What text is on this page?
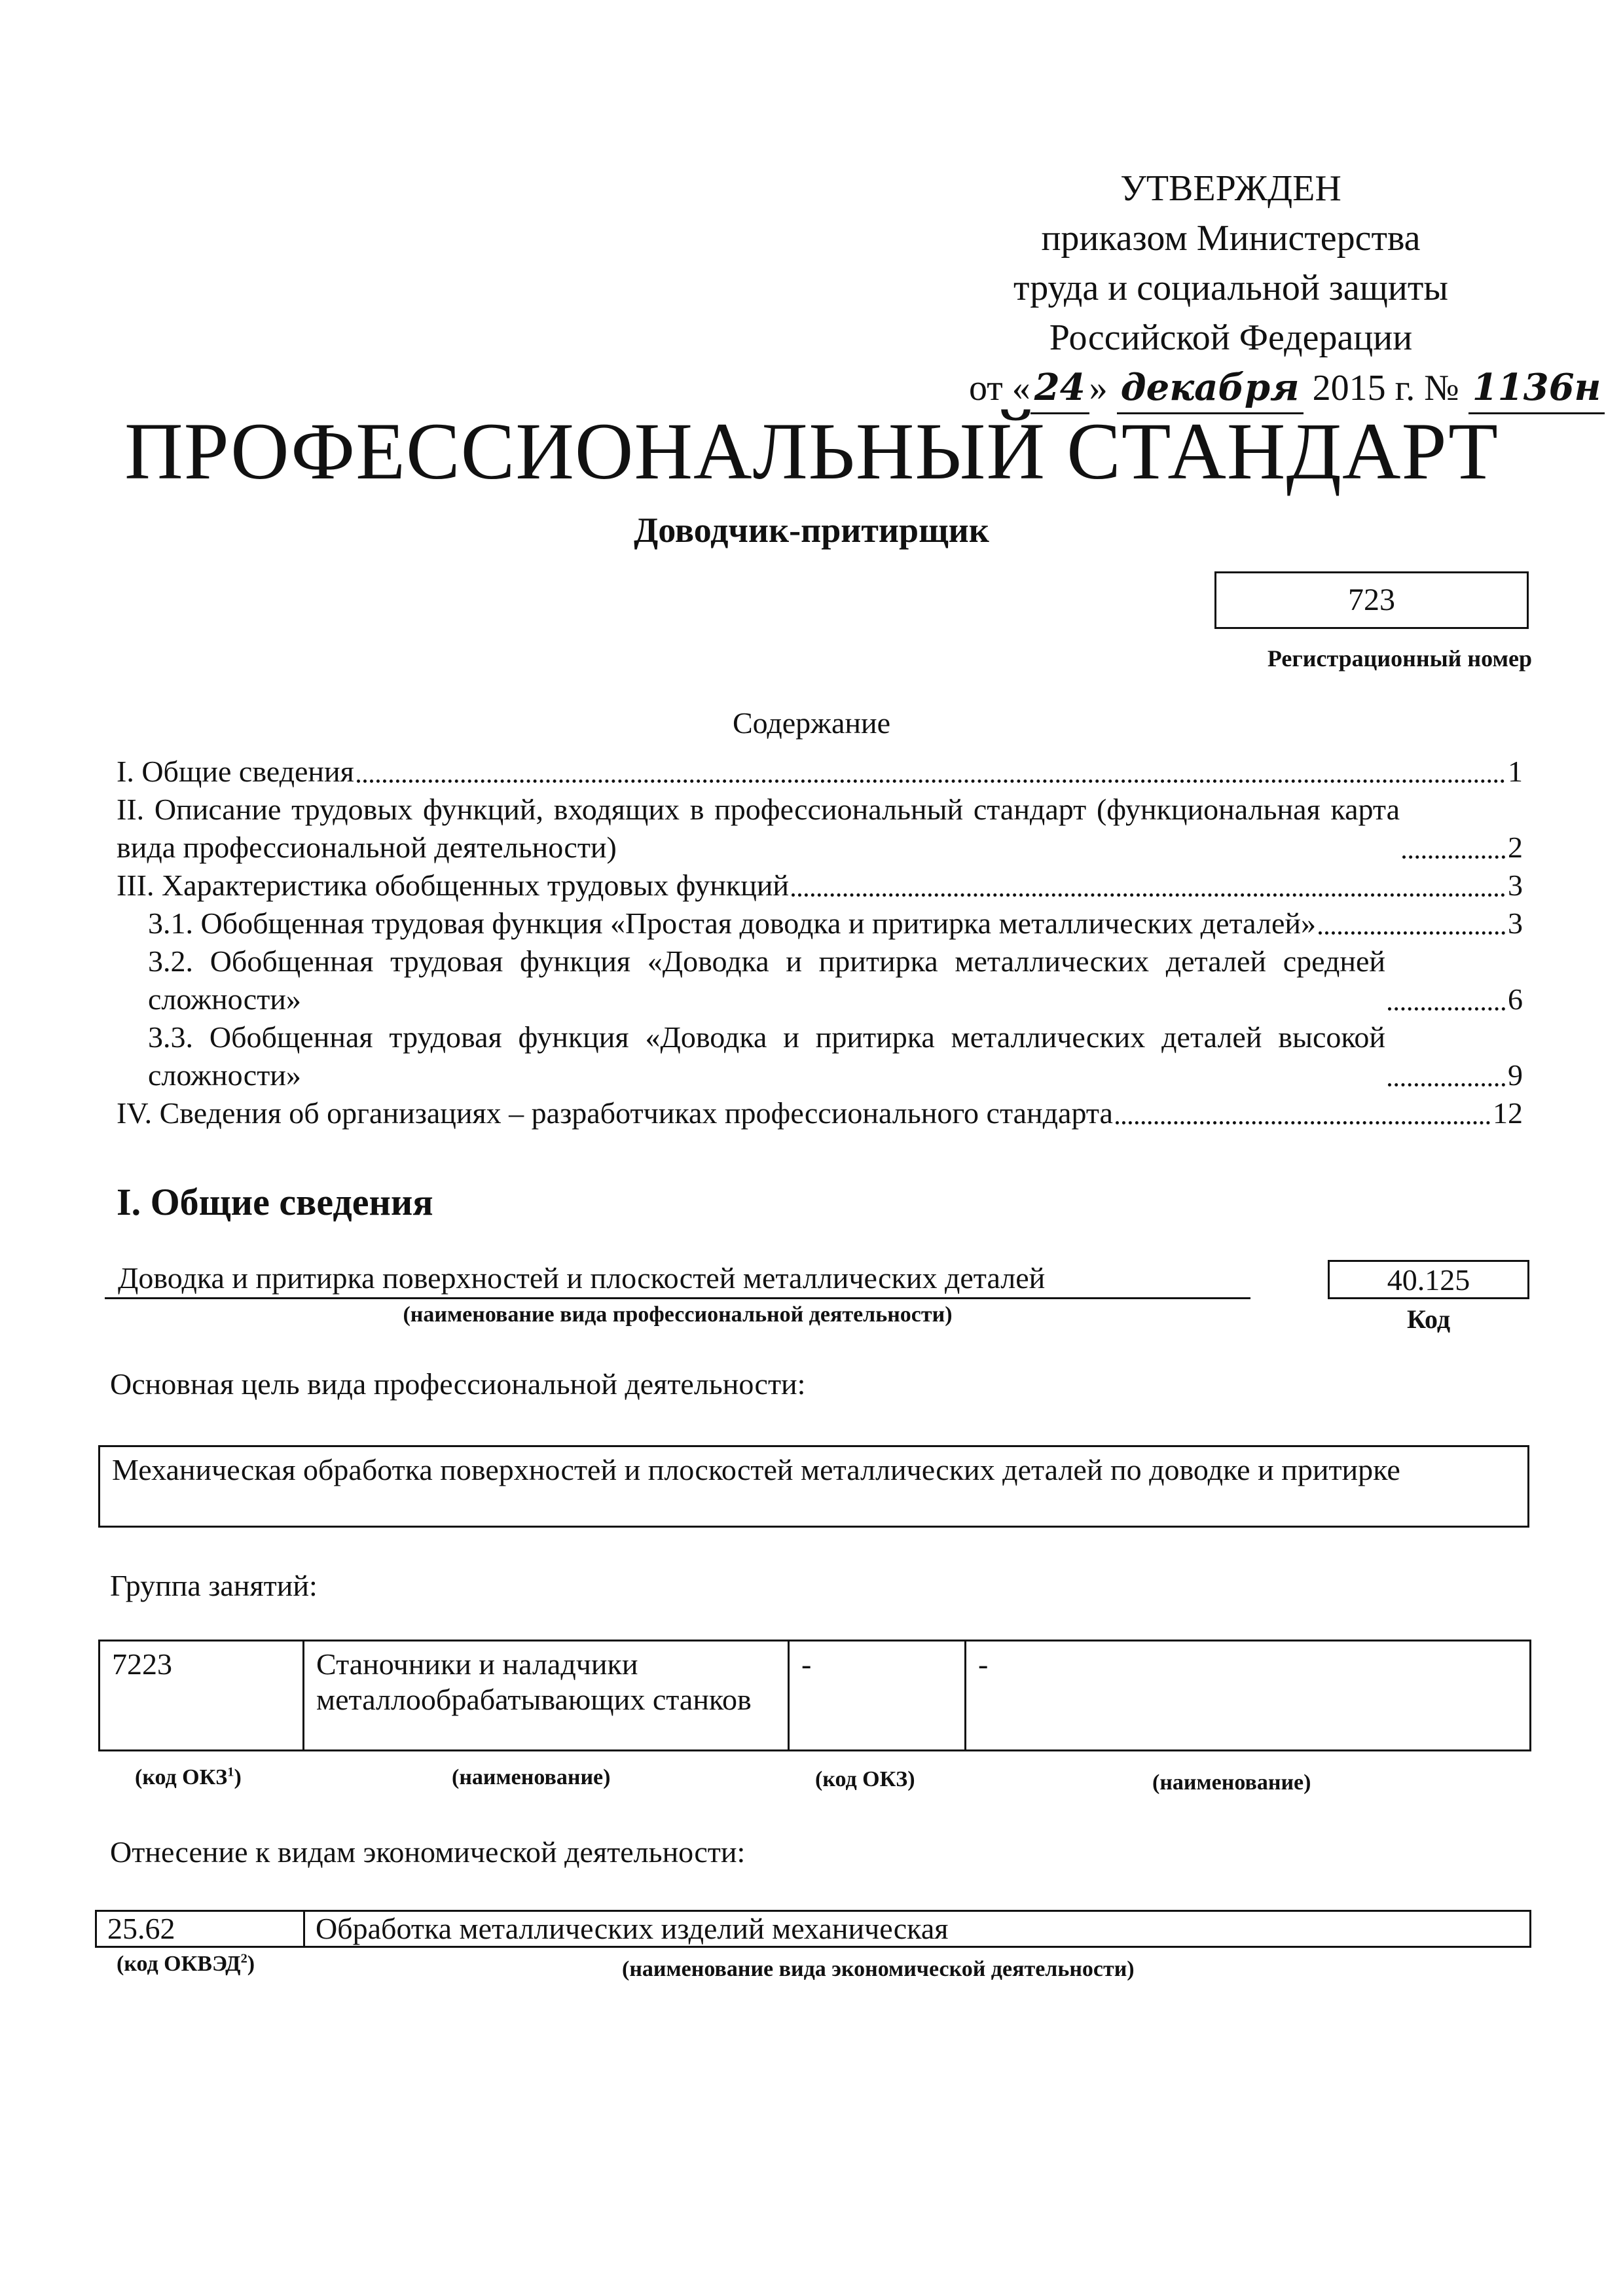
УТВЕРЖДЕН
приказом Министерства
труда и социальной защиты
Российской Федерации
от « 24 » декабря 2015 г. № 1136н
ПРОФЕССИОНАЛЬНЫЙ СТАНДАРТ
Доводчик-притирщик
723
Регистрационный номер
Содержание
I. Общие сведения	1
II. Описание трудовых функций, входящих в профессиональный стандарт (функциональная карта вида профессиональной деятельности)	2
III. Характеристика обобщенных трудовых функций	3
3.1. Обобщенная трудовая функция «Простая доводка и притирка металлических деталей»	3
3.2. Обобщенная трудовая функция «Доводка и притирка металлических деталей средней сложности»	6
3.3. Обобщенная трудовая функция «Доводка и притирка металлических деталей высокой сложности»	9
IV. Сведения об организациях – разработчиках профессионального стандарта	12
I. Общие сведения
Доводка и притирка поверхностей и плоскостей металлических деталей
(наименование вида профессиональной деятельности)
40.125
Код
Основная цель вида профессиональной деятельности:
Механическая обработка поверхностей и плоскостей металлических деталей по доводке и притирке
Группа занятий:
7223	Станочники и наладчики металлообрабатывающих станков	-	-
(код ОКЗ$^1$)	(наименование)	(код ОКЗ)	(наименование)
Отнесение к видам экономической деятельности:
25.62	Обработка металлических изделий механическая
(код ОКВЭД$^2$)	(наименование вида экономической деятельности)
